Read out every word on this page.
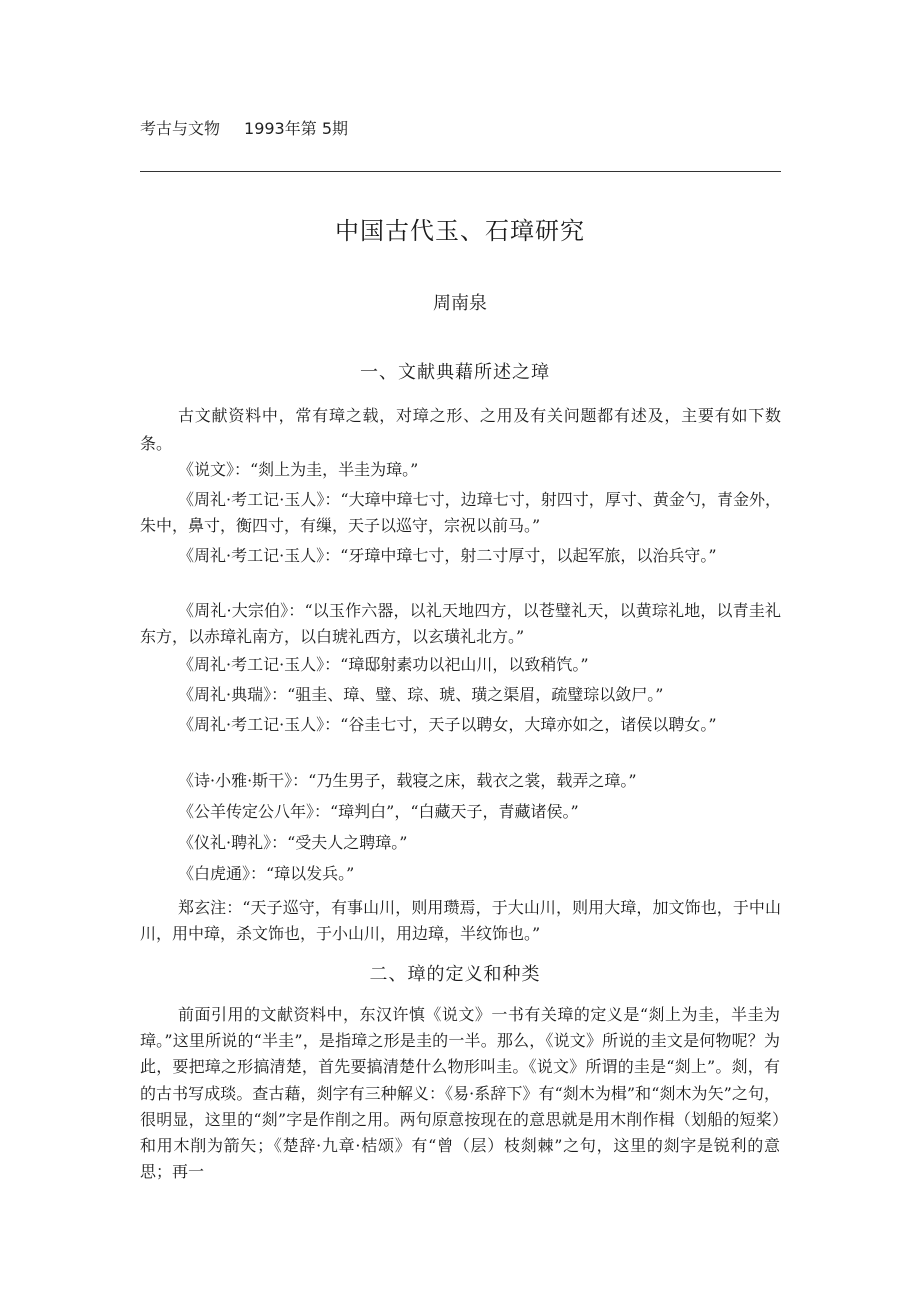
考古与文物 1993年第 5期
中国古代玉、石璋研究
周南泉
一、文献典藉所述之璋

古文献资料中，常有璋之载，对璋之形、之用及有关问题都有述及，主要有如下数条。

《说文》：“剡上为圭，半圭为璋。”

《周礼·考工记·玉人》：“大璋中璋七寸，边璋七寸，射四寸，厚寸、黄金勺，青金外，朱中，鼻寸，衡四寸，有缫，天子以巡守，宗祝以前马。”

《周礼·考工记·玉人》：“牙璋中璋七寸，射二寸厚寸，以起军旅，以治兵守。”

《周礼·大宗伯》：“以玉作六器，以礼天地四方，以苍璧礼天，以黄琮礼地，以青圭礼东方，以赤璋礼南方，以白琥礼西方，以玄璜礼北方。”

《周礼·考工记·玉人》：“璋邸射素功以祀山川，以致稍饩。”

《周礼·典瑞》：“驵圭、璋、璧、琮、琥、璜之渠眉，疏璧琮以敛尸。”

《周礼·考工记·玉人》：“谷圭七寸，天子以聘女，大璋亦如之，诸侯以聘女。”

《诗·小雅·斯干》：“乃生男子，载寝之床，载衣之裳，载弄之璋。”

《公羊传定公八年》：“璋判白”，“白藏天子，青藏诸侯。”

《仪礼·聘礼》：“受夫人之聘璋。”

《白虎通》：“璋以发兵。”

郑玄注：“天子巡守，有事山川，则用瓒焉，于大山川，则用大璋，加文饰也，于中山川，用中璋，杀文饰也，于小山川，用边璋，半纹饰也。”

二、璋的定义和种类

前面引用的文献资料中，东汉许慎《说文》一书有关璋的定义是“剡上为圭，半圭为璋。”这里所说的“半圭”，是指璋之形是圭的一半。那么，《说文》所说的圭文是何物呢？为此，要把璋之形搞清楚，首先要搞清楚什么物形叫圭。《说文》所谓的圭是“剡上”。剡，有的古书写成琰。查古藉，剡字有三种解义：《易·系辞下》有“剡木为楫”和“剡木为矢”之句，很明显，这里的“剡”字是作削之用。两句原意按现在的意思就是用木削作楫（划船的短桨）和用木削为箭矢；《楚辞·九章·桔颂》有“曾（层）枝剡棘”之句，这里的剡字是锐利的意思；再一
